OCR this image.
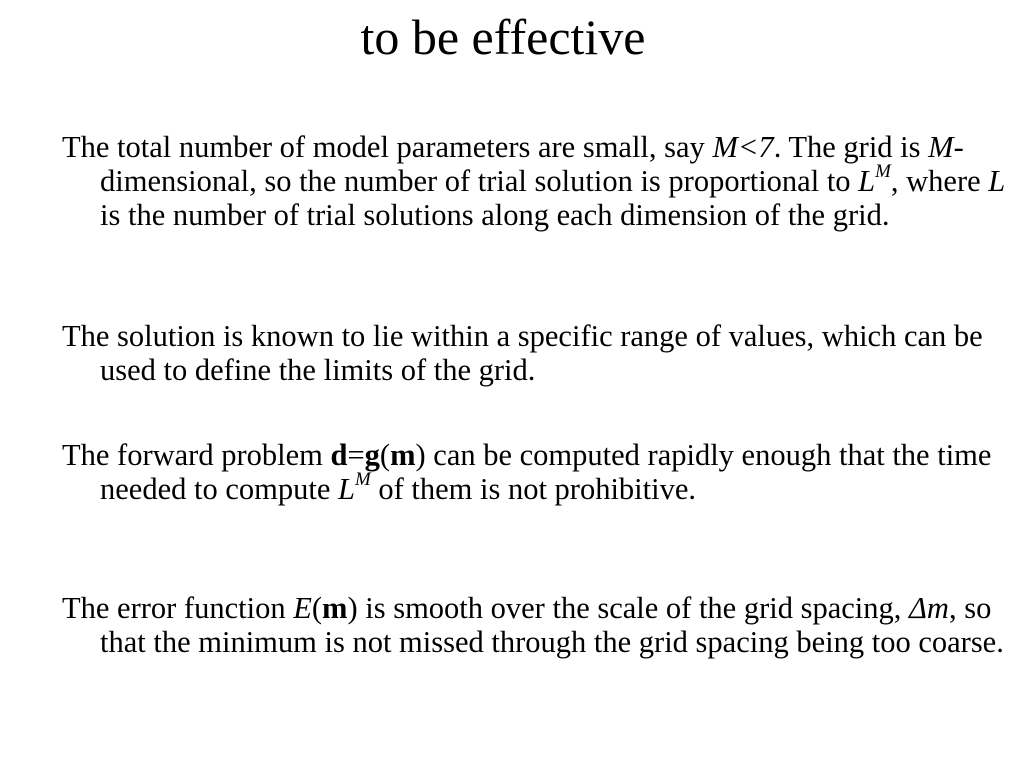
to be effective

The total number of model parameters are small, say M<7. The grid is M-dimensional, so the number of trial solution is proportional to $L^M$, where L is the number of trial solutions along each dimension of the grid.

The solution is known to lie within a specific range of values, which can be used to define the limits of the grid.

The forward problem d=g(m) can be computed rapidly enough that the time needed to compute $L^M$ of them is not prohibitive.

The error function E(m) is smooth over the scale of the grid spacing, Δm, so that the minimum is not missed through the grid spacing being too coarse.
